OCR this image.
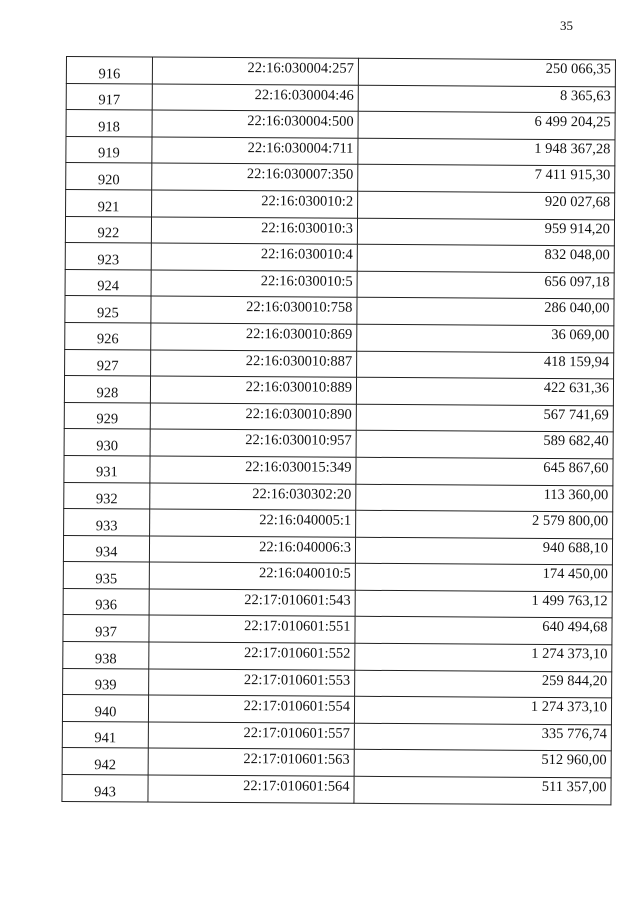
35
916	22:16:030004:257	250 066,35
917	22:16:030004:46	8 365,63
918	22:16:030004:500	6 499 204,25
919	22:16:030004:711	1 948 367,28
920	22:16:030007:350	7 411 915,30
921	22:16:030010:2	920 027,68
922	22:16:030010:3	959 914,20
923	22:16:030010:4	832 048,00
924	22:16:030010:5	656 097,18
925	22:16:030010:758	286 040,00
926	22:16:030010:869	36 069,00
927	22:16:030010:887	418 159,94
928	22:16:030010:889	422 631,36
929	22:16:030010:890	567 741,69
930	22:16:030010:957	589 682,40
931	22:16:030015:349	645 867,60
932	22:16:030302:20	113 360,00
933	22:16:040005:1	2 579 800,00
934	22:16:040006:3	940 688,10
935	22:16:040010:5	174 450,00
936	22:17:010601:543	1 499 763,12
937	22:17:010601:551	640 494,68
938	22:17:010601:552	1 274 373,10
939	22:17:010601:553	259 844,20
940	22:17:010601:554	1 274 373,10
941	22:17:010601:557	335 776,74
942	22:17:010601:563	512 960,00
943	22:17:010601:564	511 357,00
